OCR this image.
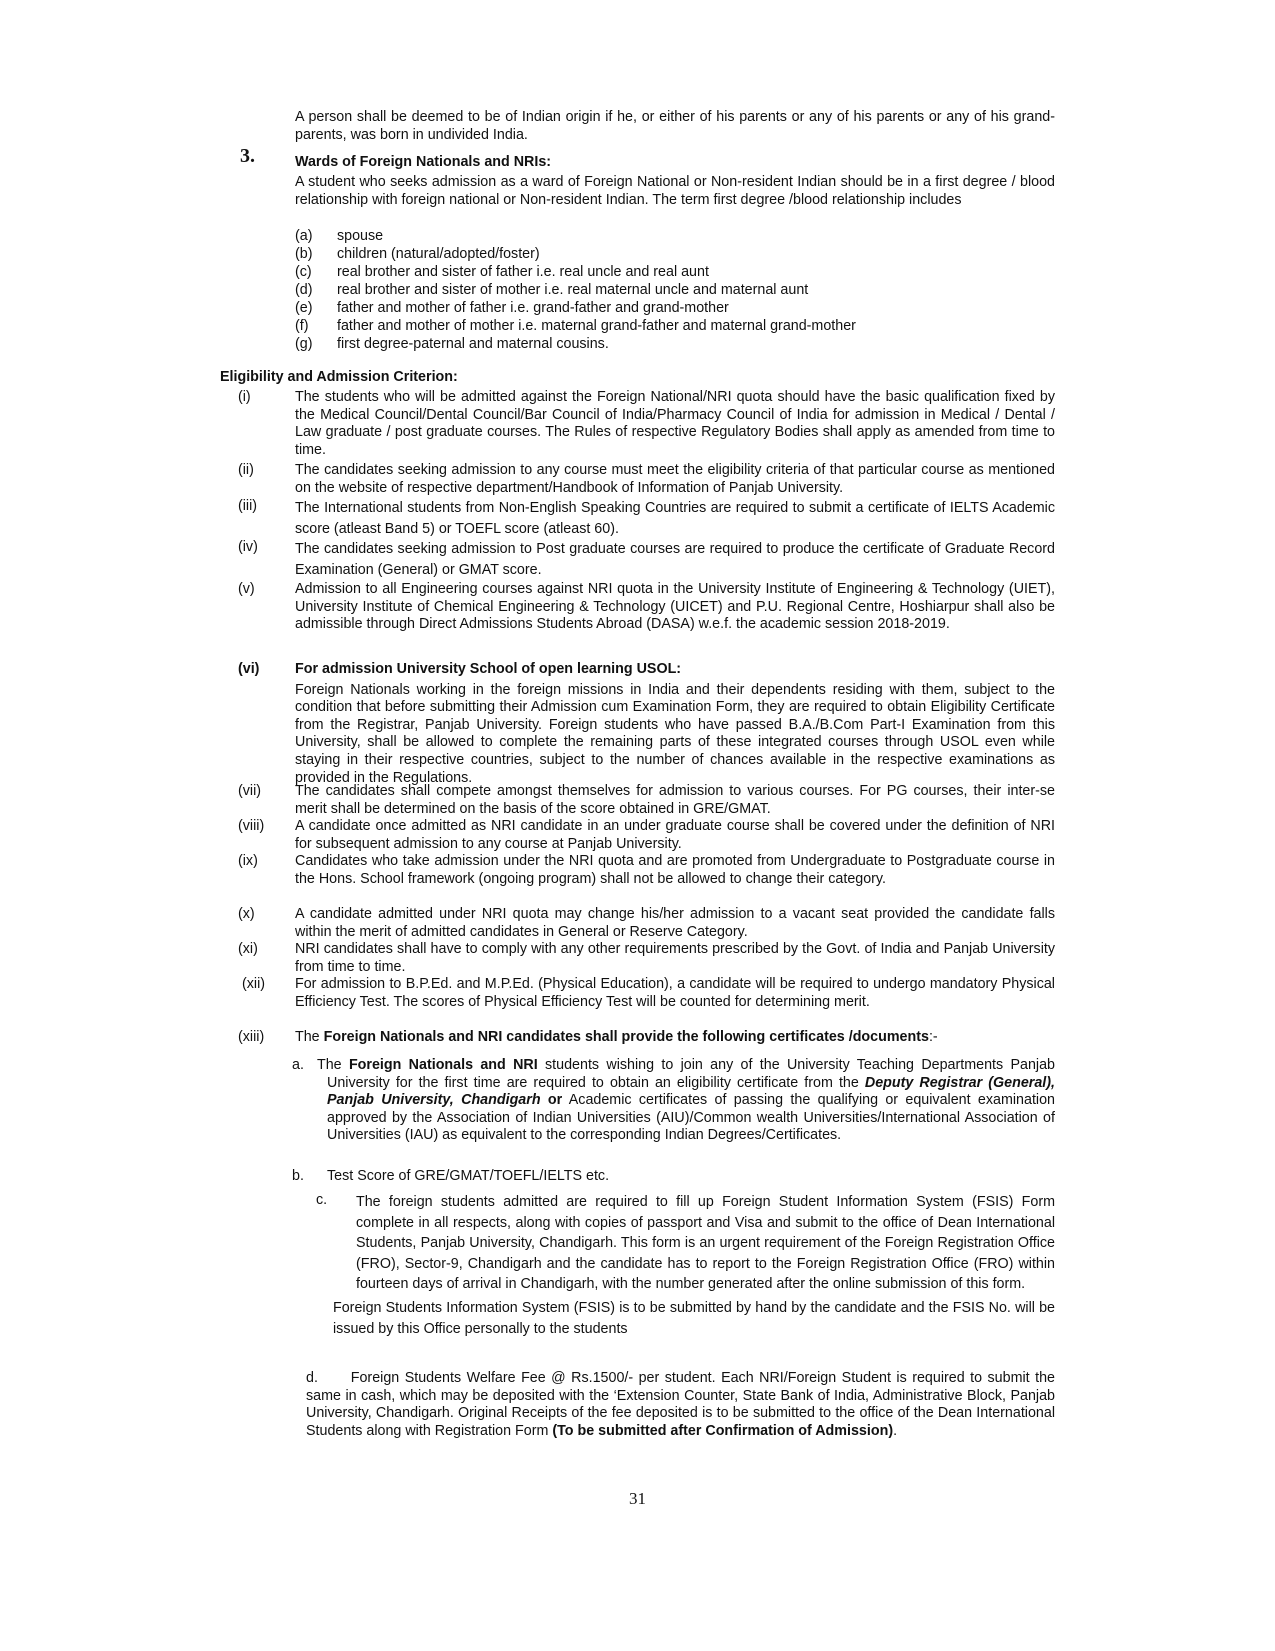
A person shall be deemed to be of Indian origin if he, or either of his parents or any of his parents or any of his grand-parents, was born in undivided India.
3.	Wards of Foreign Nationals and NRIs:
A student who seeks admission as a ward of Foreign National or Non-resident Indian should be in a first degree / blood relationship with foreign national or Non-resident Indian. The term first degree /blood relationship includes
(a) spouse
(b) children (natural/adopted/foster)
(c) real brother and sister of father i.e. real uncle and real aunt
(d) real brother and sister of mother i.e. real maternal uncle and maternal aunt
(e) father and mother of father i.e. grand-father and grand-mother
(f) father and mother of mother i.e. maternal grand-father and maternal grand-mother
(g) first degree-paternal and maternal cousins.
Eligibility and Admission Criterion:
(i)	The students who will be admitted against the Foreign National/NRI quota should have the basic qualification fixed by the Medical Council/Dental Council/Bar Council of India/Pharmacy Council of India for admission in Medical / Dental / Law graduate / post graduate courses. The Rules of respective Regulatory Bodies shall apply as amended from time to time.
(ii)	The candidates seeking admission to any course must meet the eligibility criteria of that particular course as mentioned on the website of respective department/Handbook of Information of Panjab University.
(iii)	The International students from Non-English Speaking Countries are required to submit a certificate of IELTS Academic score (atleast Band 5) or TOEFL score (atleast 60).
(iv)	The candidates seeking admission to Post graduate courses are required to produce the certificate of Graduate Record Examination (General) or GMAT score.
(v)	Admission to all Engineering courses against NRI quota in the University Institute of Engineering & Technology (UIET), University Institute of Chemical Engineering & Technology (UICET) and P.U. Regional Centre, Hoshiarpur shall also be admissible through Direct Admissions Students Abroad (DASA) w.e.f. the academic session 2018-2019.
(vi) For admission University School of open learning USOL:
Foreign Nationals working in the foreign missions in India and their dependents residing with them, subject to the condition that before submitting their Admission cum Examination Form, they are required to obtain Eligibility Certificate from the Registrar, Panjab University. Foreign students who have passed B.A./B.Com Part-I Examination from this University, shall be allowed to complete the remaining parts of these integrated courses through USOL even while staying in their respective countries, subject to the number of chances available in the respective examinations as provided in the Regulations.
(vii) The candidates shall compete amongst themselves for admission to various courses. For PG courses, their inter-se merit shall be determined on the basis of the score obtained in GRE/GMAT.
(viii) A candidate once admitted as NRI candidate in an under graduate course shall be covered under the definition of NRI for subsequent admission to any course at Panjab University.
(ix)	Candidates who take admission under the NRI quota and are promoted from Undergraduate to Postgraduate course in the Hons. School framework (ongoing program) shall not be allowed to change their category.
(x)	A candidate admitted under NRI quota may change his/her admission to a vacant seat provided the candidate falls within the merit of admitted candidates in General or Reserve Category.
(xi)	NRI candidates shall have to comply with any other requirements prescribed by the Govt. of India and Panjab University from time to time.
(xii) For admission to B.P.Ed. and M.P.Ed. (Physical Education), a candidate will be required to undergo mandatory Physical Efficiency Test. The scores of Physical Efficiency Test will be counted for determining merit.
(xiii) The Foreign Nationals and NRI candidates shall provide the following certificates /documents:-
a. The Foreign Nationals and NRI students wishing to join any of the University Teaching Departments Panjab University for the first time are required to obtain an eligibility certificate from the Deputy Registrar (General), Panjab University, Chandigarh or Academic certificates of passing the qualifying or equivalent examination approved by the Association of Indian Universities (AIU)/Common wealth Universities/International Association of Universities (IAU) as equivalent to the corresponding Indian Degrees/Certificates.
b. Test Score of GRE/GMAT/TOEFL/IELTS etc.
c. The foreign students admitted are required to fill up Foreign Student Information System (FSIS) Form complete in all respects, along with copies of passport and Visa and submit to the office of Dean International Students, Panjab University, Chandigarh. This form is an urgent requirement of the Foreign Registration Office (FRO), Sector-9, Chandigarh and the candidate has to report to the Foreign Registration Office (FRO) within fourteen days of arrival in Chandigarh, with the number generated after the online submission of this form.
Foreign Students Information System (FSIS) is to be submitted by hand by the candidate and the FSIS No. will be issued by this Office personally to the students
d. Foreign Students Welfare Fee @ Rs.1500/- per student. Each NRI/Foreign Student is required to submit the same in cash, which may be deposited with the ‘Extension Counter, State Bank of India, Administrative Block, Panjab University, Chandigarh. Original Receipts of the fee deposited is to be submitted to the office of the Dean International Students along with Registration Form (To be submitted after Confirmation of Admission).
31
